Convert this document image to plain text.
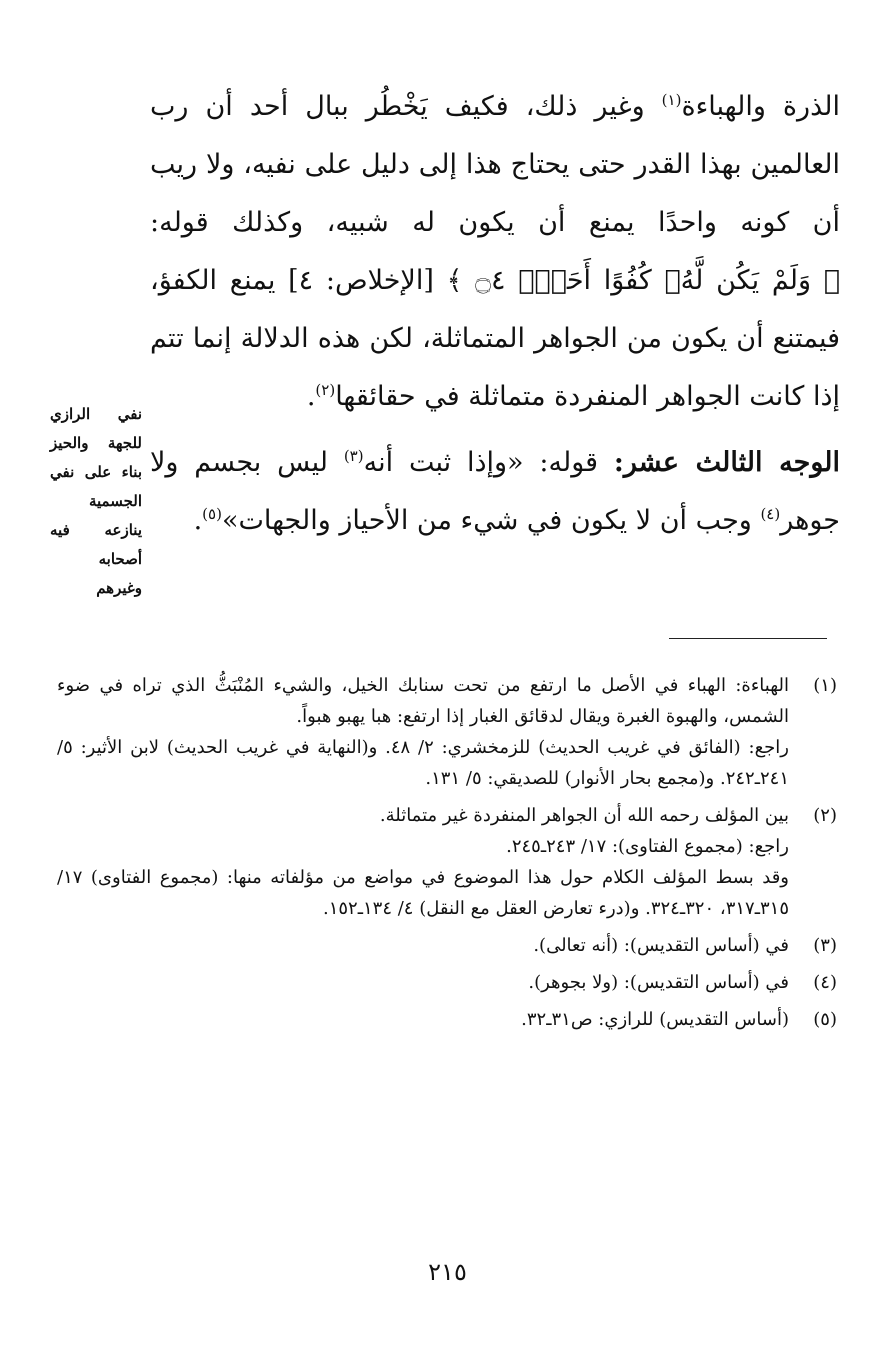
الذرة والهباءة$^{(١)}$ وغير ذلك، فكيف يَخْطُر ببال أحد أن رب العالمين بهذا القدر حتى يحتاج هذا إلى دليل على نفيه، ولا ريب أن كونه واحدًا يمنع أن يكون له شبيه، وكذلك قوله: ﴿ وَلَمْ يَكُن لَّهُۥ كُفُوًا أَحَدٌۢ ۝٤ ﴾ [الإخلاص: ٤] يمنع الكفؤ، فيمتنع أن يكون من الجواهر المتماثلة، لكن هذه الدلالة إنما تتم إذا كانت الجواهر المنفردة متماثلة في حقائقها$^{(٢)}$.

الوجه الثالث عشر: قوله: «وإذا ثبت أنه$^{(٣)}$ ليس بجسم ولا جوهر$^{(٤)}$ وجب أن لا يكون في شيء من الأحياز والجهات»$^{(٥)}$.

نفي الرازي للجهة والحيز بناء على نفي الجسمية ينازعه فيه أصحابه وغيرهم
(١)

الهباءة: الهباء في الأصل ما ارتفع من تحت سنابك الخيل، والشيء المُنْبَثُّ الذي تراه في ضوء الشمس، والهبوة الغبرة ويقال لدقائق الغبار إذا ارتفع: هبا يهبو هبواً.

راجع: (الفائق في غريب الحديث) للزمخشري: ٢/ ٤٨. و(النهاية في غريب الحديث) لابن الأثير: ٥/ ٢٤١ـ٢٤٢. و(مجمع بحار الأنوار) للصديقي: ٥/ ١٣١.

(٢)

بين المؤلف رحمه الله أن الجواهر المنفردة غير متماثلة.

راجع: (مجموع الفتاوى): ١٧/ ٢٤٣ـ٢٤٥.

وقد بسط المؤلف الكلام حول هذا الموضوع في مواضع من مؤلفاته منها: (مجموع الفتاوى) ١٧/ ٣١٥ـ٣١٧، ٣٢٠ـ٣٢٤. و(درء تعارض العقل مع النقل) ٤/ ١٣٤ـ١٥٢.

(٣)

في (أساس التقديس): (أنه تعالى).

(٤)

في (أساس التقديس): (ولا بجوهر).

(٥)

(أساس التقديس) للرازي: ص٣١ـ٣٢.

٢١٥
